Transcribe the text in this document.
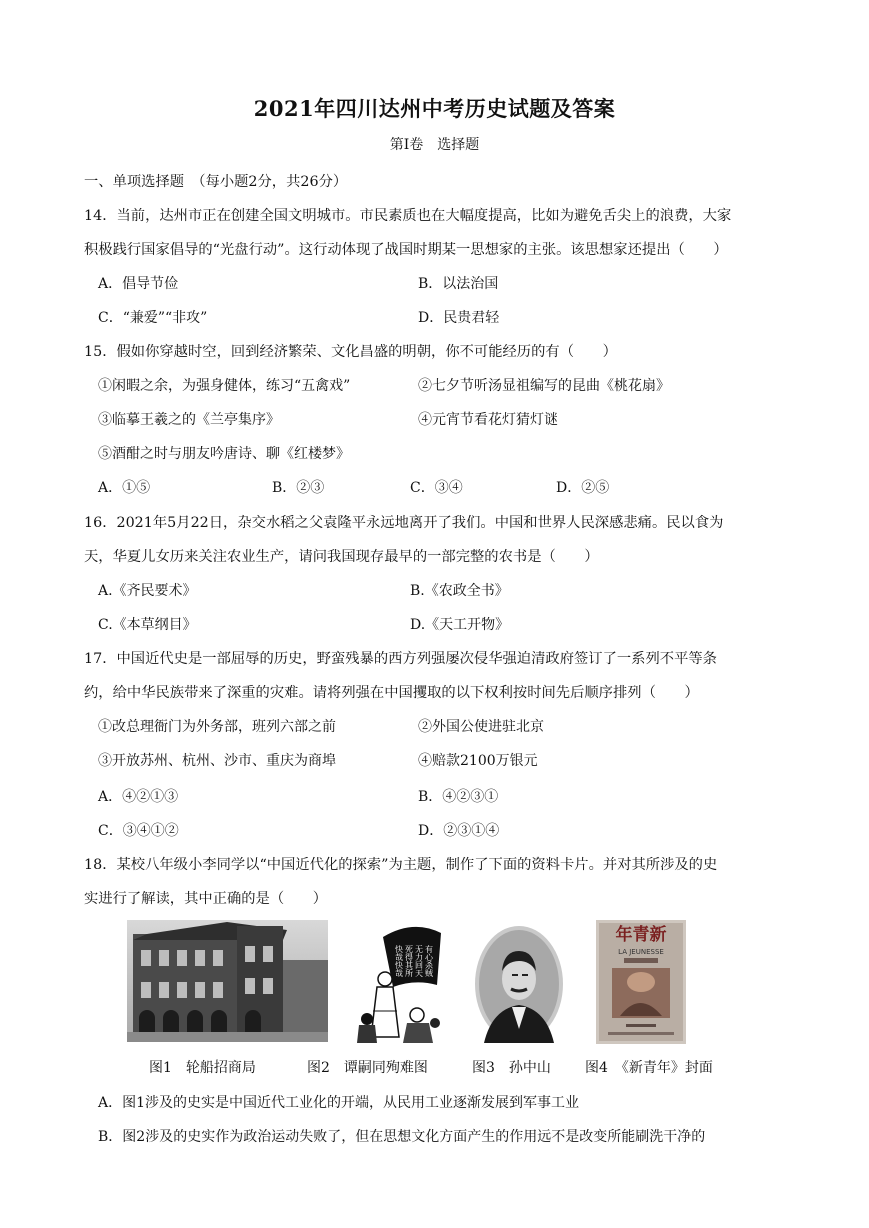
2021年四川达州中考历史试题及答案
第Ⅰ卷　选择题
一、单项选择题　（每小题2分，共26分）
14．当前，达州市正在创建全国文明城市。市民素质也在大幅度提高，比如为避免舌尖上的浪费，大家
积极践行国家倡导的“光盘行动”。这行动体现了战国时期某一思想家的主张。该思想家还提出（　　）
A．倡导节俭	B．以法治国
C．“兼爱”“非攻”	D．民贵君轻
15．假如你穿越时空，回到经济繁荣、文化昌盛的明朝，你不可能经历的有（　　）
①闲暇之余，为强身健体，练习“五禽戏”	②七夕节听汤显祖编写的昆曲《桃花扇》
③临摹王羲之的《兰亭集序》	④元宵节看花灯猜灯谜
⑤酒酣之时与朋友吟唐诗、聊《红楼梦》
A．①⑤	B．②③	C．③④	D．②⑤
16．2021年5月22日，杂交水稻之父袁隆平永远地离开了我们。中国和世界人民深感悲痛。民以食为
天，华夏儿女历来关注农业生产，请问我国现存最早的一部完整的农书是（　　）
A.《齐民要术》	B.《农政全书》
C.《本草纲目》	D.《天工开物》
17．中国近代史是一部屈辱的历史，野蛮残暴的西方列强屡次侵华强迫清政府签订了一系列不平等条
约，给中华民族带来了深重的灾难。请将列强在中国攫取的以下权利按时间先后顺序排列（　　）
①改总理衙门为外务部，班列六部之前	②外国公使进驻北京
③开放苏州、杭州、沙市、重庆为商埠	④赔款2100万银元
A．④②①③	B．④②③①
C．③④①②	D．②③①④
18．某校八年级小李同学以“中国近代化的探索”为主题，制作了下面的资料卡片。并对其所涉及的史
实进行了解读，其中正确的是（　　）
有心杀贼
无力回天
死得其所
快哉快哉
年青新
LA JEUNESSE
图1　轮船招商局	图2　谭嗣同殉难图	图3　孙中山 图4　《新青年》封面
A．图1涉及的史实是中国近代工业化的开端，从民用工业逐渐发展到军事工业
B．图2涉及的史实作为政治运动失败了，但在思想文化方面产生的作用远不是改变所能刷洗干净的
